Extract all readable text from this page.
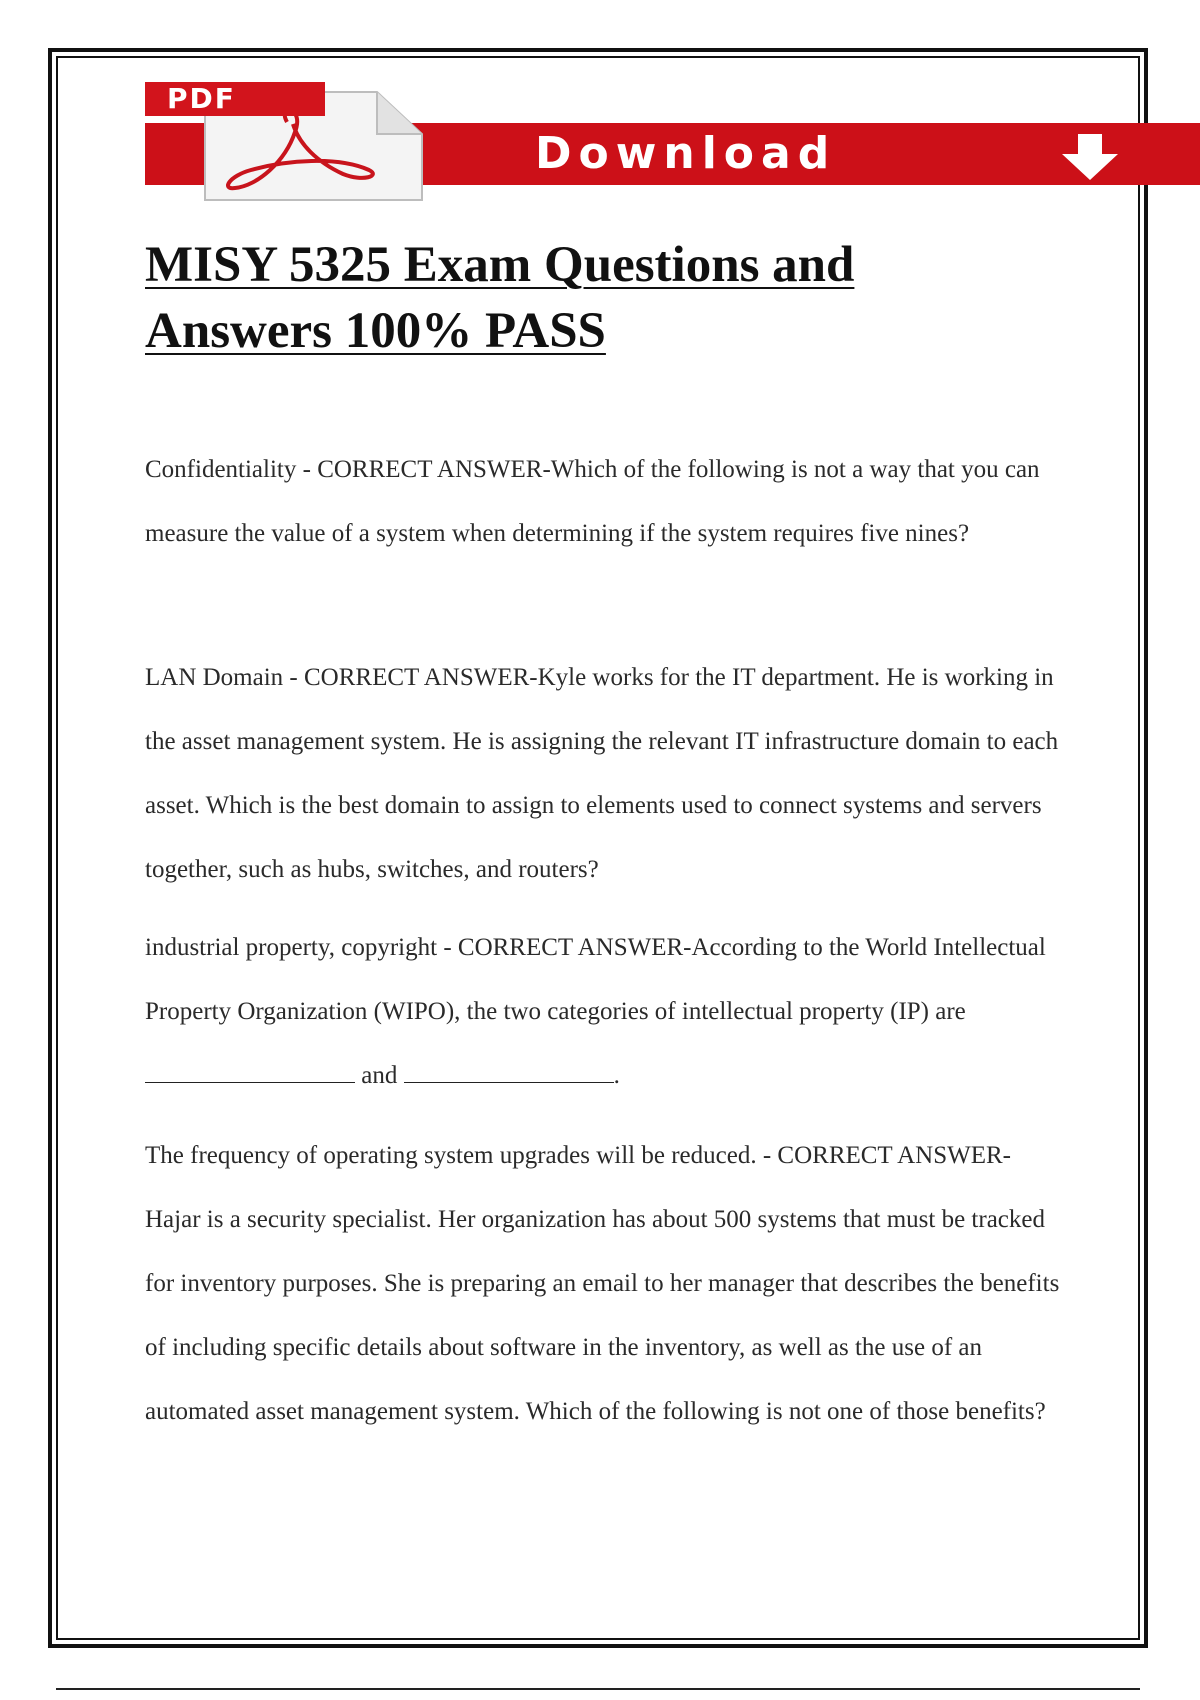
PDF
Download
MISY 5325 Exam Questions and Answers 100% PASS

Confidentiality - CORRECT ANSWER-Which of the following is not a way that you can measure the value of a system when determining if the system requires five nines?

LAN Domain - CORRECT ANSWER-Kyle works for the IT department. He is working in the asset management system. He is assigning the relevant IT infrastructure domain to each asset. Which is the best domain to assign to elements used to connect systems and servers together, such as hubs, switches, and routers?

industrial property, copyright - CORRECT ANSWER-According to the World Intellectual Property Organization (WIPO), the two categories of intellectual property (IP) are  and	.

The frequency of operating system upgrades will be reduced. - CORRECT ANSWER-Hajar is a security specialist. Her organization has about 500 systems that must be tracked for inventory purposes. She is preparing an email to her manager that describes the benefits of including specific details about software in the inventory, as well as the use of an automated asset management system. Which of the following is not one of those benefits?
